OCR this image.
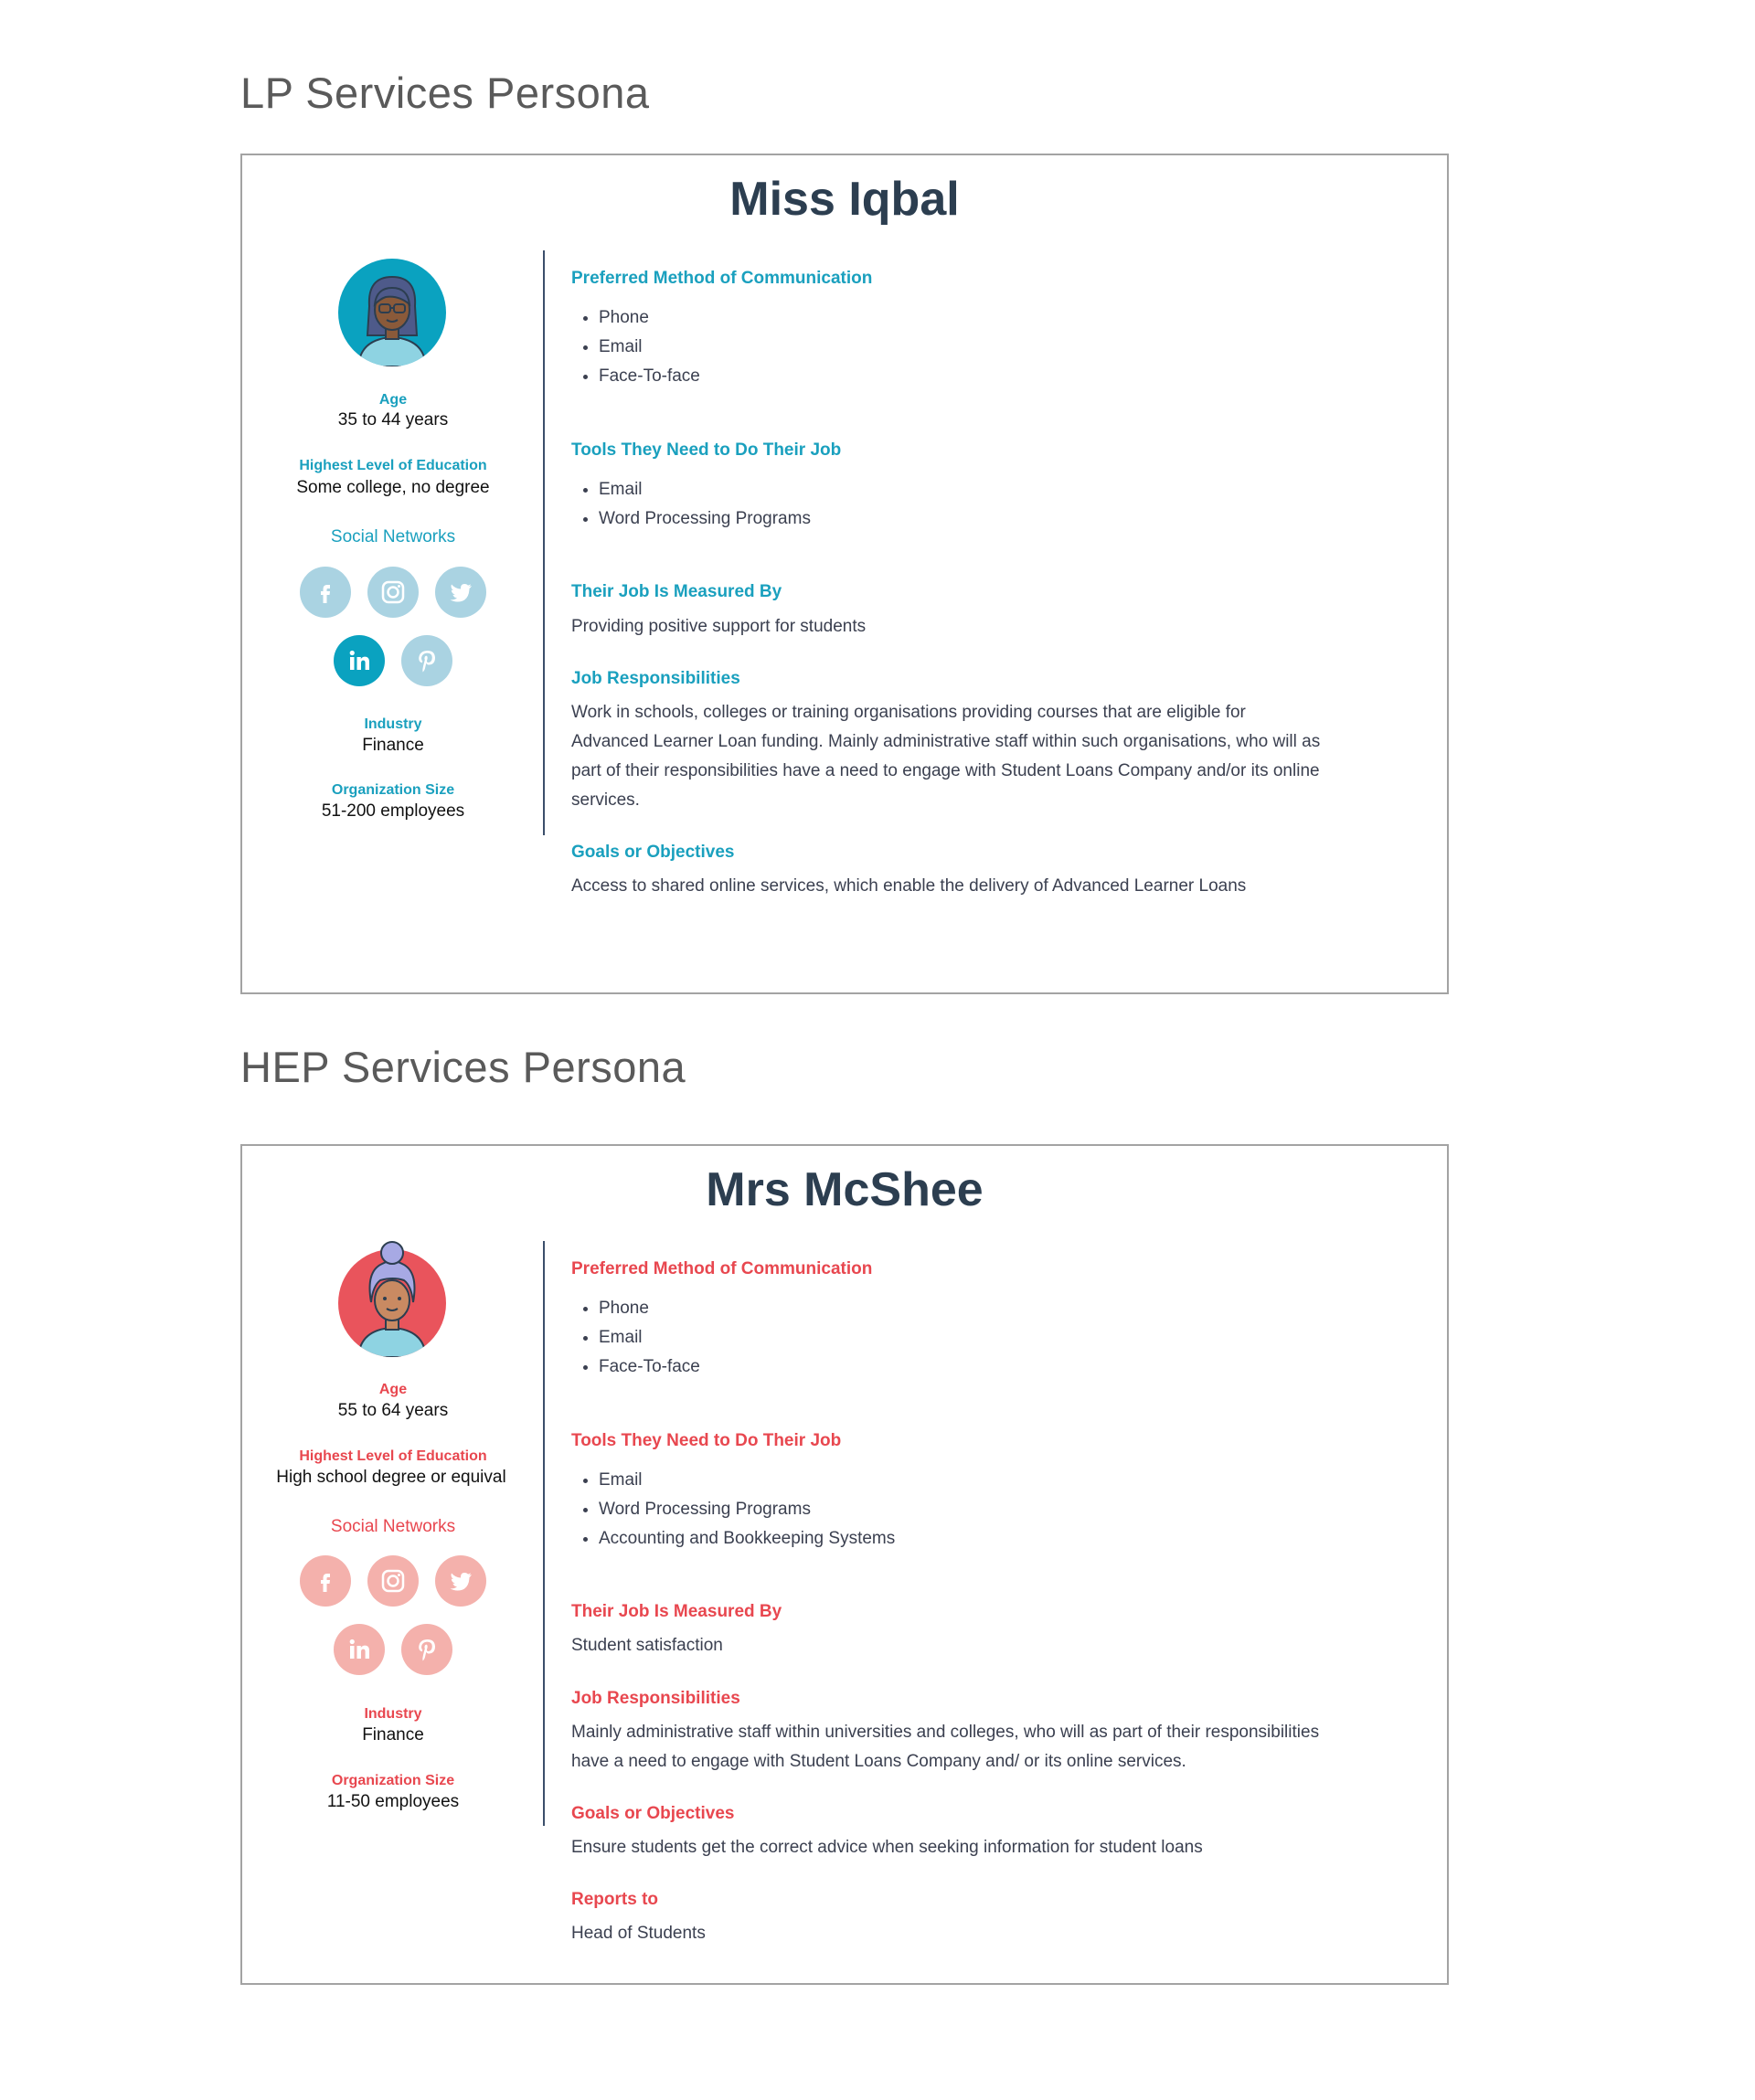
LP Services Persona
Miss Iqbal
Age
35 to 44 years
Highest Level of Education
Some college, no degree
Social Networks
Industry
Finance
Organization Size
51-200 employees
Preferred Method of Communication
• Phone
• Email
• Face-To-face
Tools They Need to Do Their Job
• Email
• Word Processing Programs
Their Job Is Measured By
Providing positive support for students
Job Responsibilities
Work in schools, colleges or training organisations providing courses that are eligible for
Advanced Learner Loan funding. Mainly administrative staff within such organisations, who will as
part of their responsibilities have a need to engage with Student Loans Company and/or its online
services.
Goals or Objectives
Access to shared online services, which enable the delivery of Advanced Learner Loans
HEP Services Persona
Mrs McShee
Age
55 to 64 years
Highest Level of Education
High school degree or equival
Social Networks
Industry
Finance
Organization Size
11-50 employees
Preferred Method of Communication
• Phone
• Email
• Face-To-face
Tools They Need to Do Their Job
• Email
• Word Processing Programs
• Accounting and Bookkeeping Systems
Their Job Is Measured By
Student satisfaction
Job Responsibilities
Mainly administrative staff within universities and colleges, who will as part of their responsibilities
have a need to engage with Student Loans Company and/ or its online services.
Goals or Objectives
Ensure students get the correct advice when seeking information for student loans
Reports to
Head of Students
